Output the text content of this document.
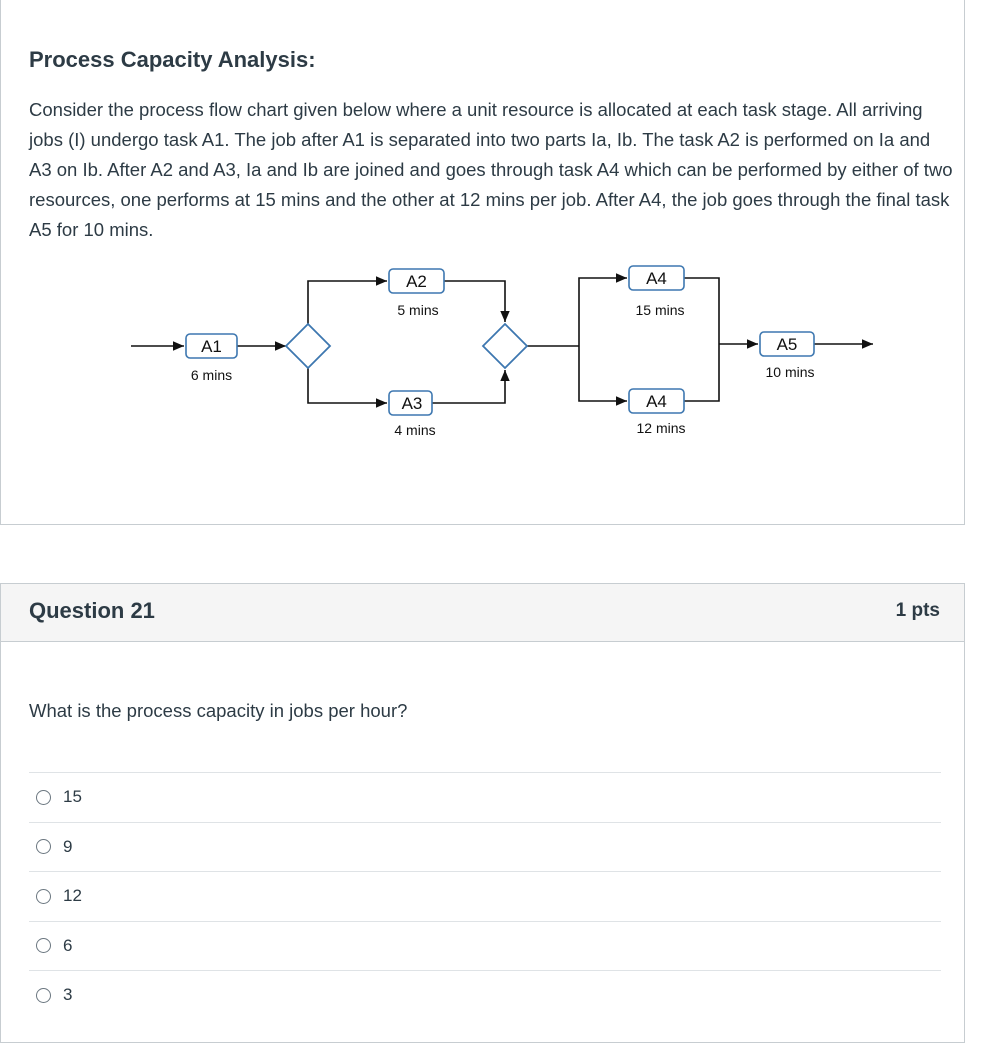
Process Capacity Analysis:

Consider the process flow chart given below where a unit resource is allocated at each task stage. All arriving jobs (I) undergo task A1. The job after A1 is separated into two parts Ia, Ib. The task A2 is performed on Ia and A3 on Ib. After A2 and A3, Ia and Ib are joined and goes through task A4 which can be performed by either of two resources, one performs at 15 mins and the other at 12 mins per job. After A4, the job goes through the final task A5 for 10 mins.

A1
6 mins
A2
5 mins
A3
4 mins
A4
15 mins
A4
12 mins
A5
10 mins
Question 21	1 pts

What is the process capacity in jobs per hour?

15
9
12
6
3
